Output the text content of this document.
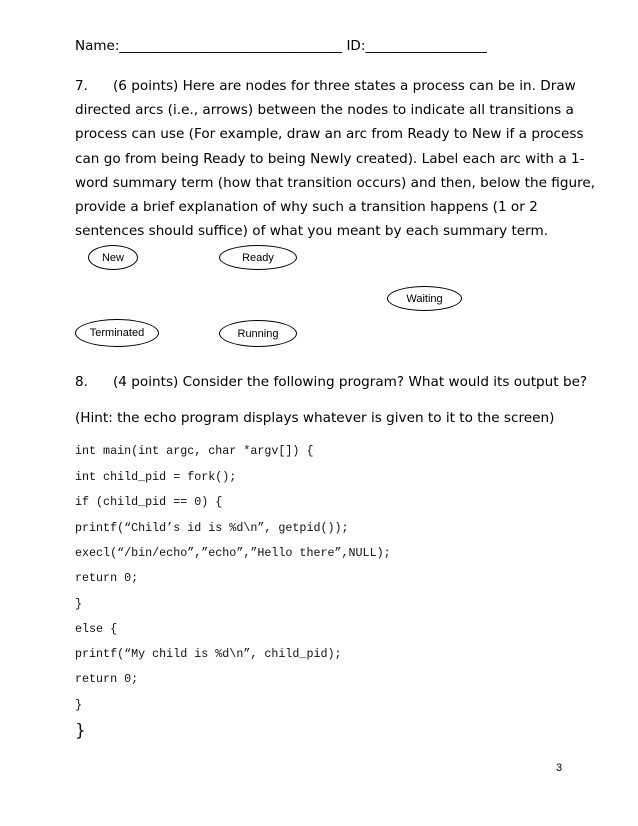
Name:_________________________________ ID:__________________

7. (6 points) Here are nodes for three states a process can be in. Draw

directed arcs (i.e., arrows) between the nodes to indicate all transitions a

process can use (For example, draw an arc from Ready to New if a process

can go from being Ready to being Newly created). Label each arc with a 1-

word summary term (how that transition occurs) and then, below the figure,

provide a brief explanation of why such a transition happens (1 or 2

sentences should suffice) of what you meant by each summary term.

New	Ready
Waiting
Terminated	Running

8. (4 points) Consider the following program? What would its output be?

(Hint: the echo program displays whatever is given to it to the screen)

int main(int argc, char *argv[]) {
int child_pid = fork();
if (child_pid == 0) {
printf(“Child’s id is %d\n”, getpid());
execl(“/bin/echo”,”echo”,”Hello there”,NULL);
return 0;
}
else {
printf(“My child is %d\n”, child_pid);
return 0;
}
}
3
